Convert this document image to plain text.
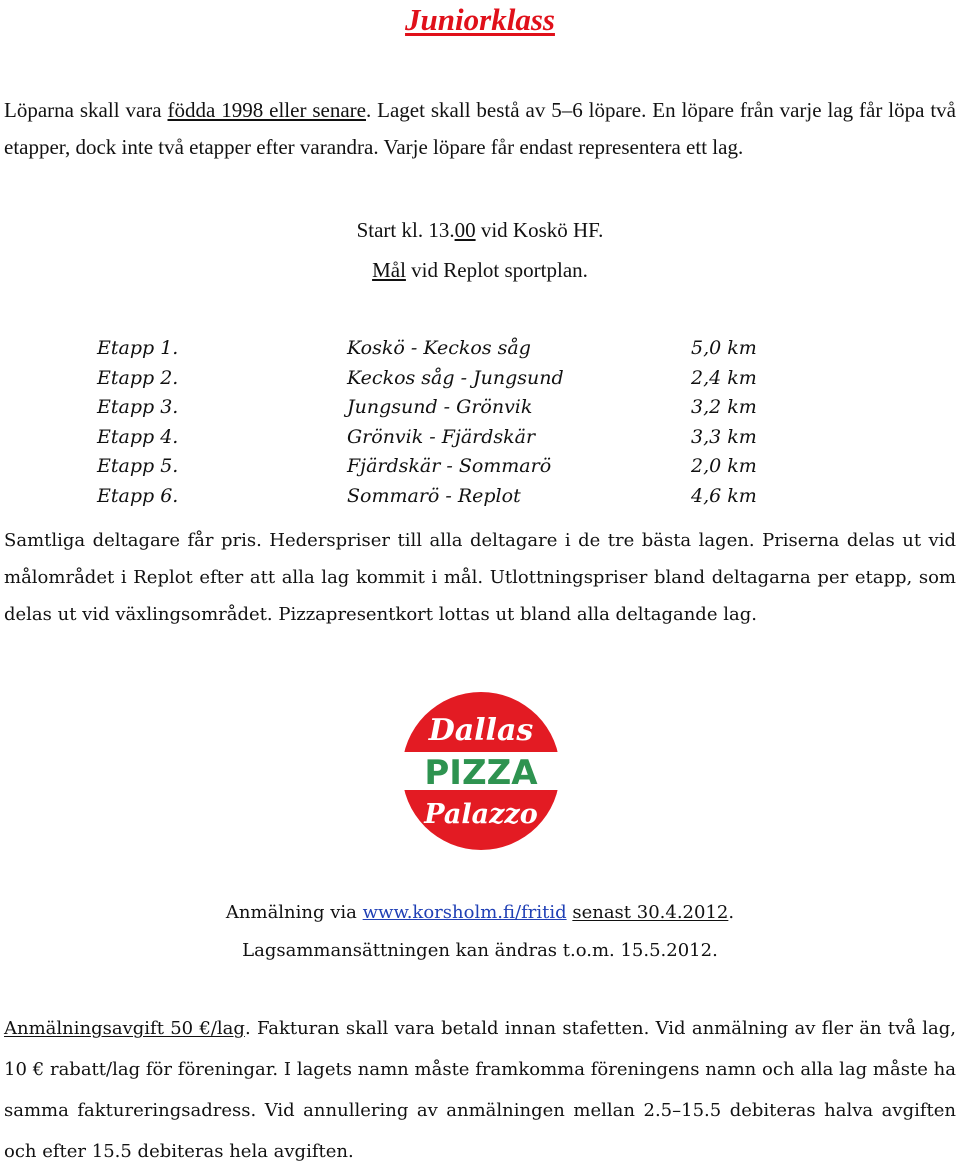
Juniorklass
Löparna skall vara födda 1998 eller senare. Laget skall bestå av 5–6 löpare. En löpare från varje lag får löpa två etapper, dock inte två etapper efter varandra. Varje löpare får endast representera ett lag.
Start kl. 13.00 vid Koskö HF.
Mål vid Replot sportplan.
Etapp 1.	Koskö - Keckos såg	5,0 km
Etapp 2.	Keckos såg - Jungsund	2,4 km
Etapp 3.	Jungsund - Grönvik	3,2 km
Etapp 4.	Grönvik - Fjärdskär	3,3 km
Etapp 5.	Fjärdskär - Sommarö	2,0 km
Etapp 6.	Sommarö - Replot	4,6 km
Samtliga deltagare får pris. Hederspriser till alla deltagare i de tre bästa lagen. Priserna delas ut vid målområdet i Replot efter att alla lag kommit i mål. Utlottningspriser bland deltagarna per etapp, som delas ut vid växlingsområdet. Pizzapresentkort lottas ut bland alla deltagande lag.
Dallas
PIZZA
Palazzo
Anmälning via www.korsholm.fi/fritid senast 30.4.2012.
Lagsammansättningen kan ändras t.o.m. 15.5.2012.
Anmälningsavgift 50 €/lag. Fakturan skall vara betald innan stafetten. Vid anmälning av fler än två lag, 10 € rabatt/lag för föreningar. I lagets namn måste framkomma föreningens namn och alla lag måste ha samma faktureringsadress. Vid annullering av anmälningen mellan 2.5–15.5 debiteras halva avgiften och efter 15.5 debiteras hela avgiften.
